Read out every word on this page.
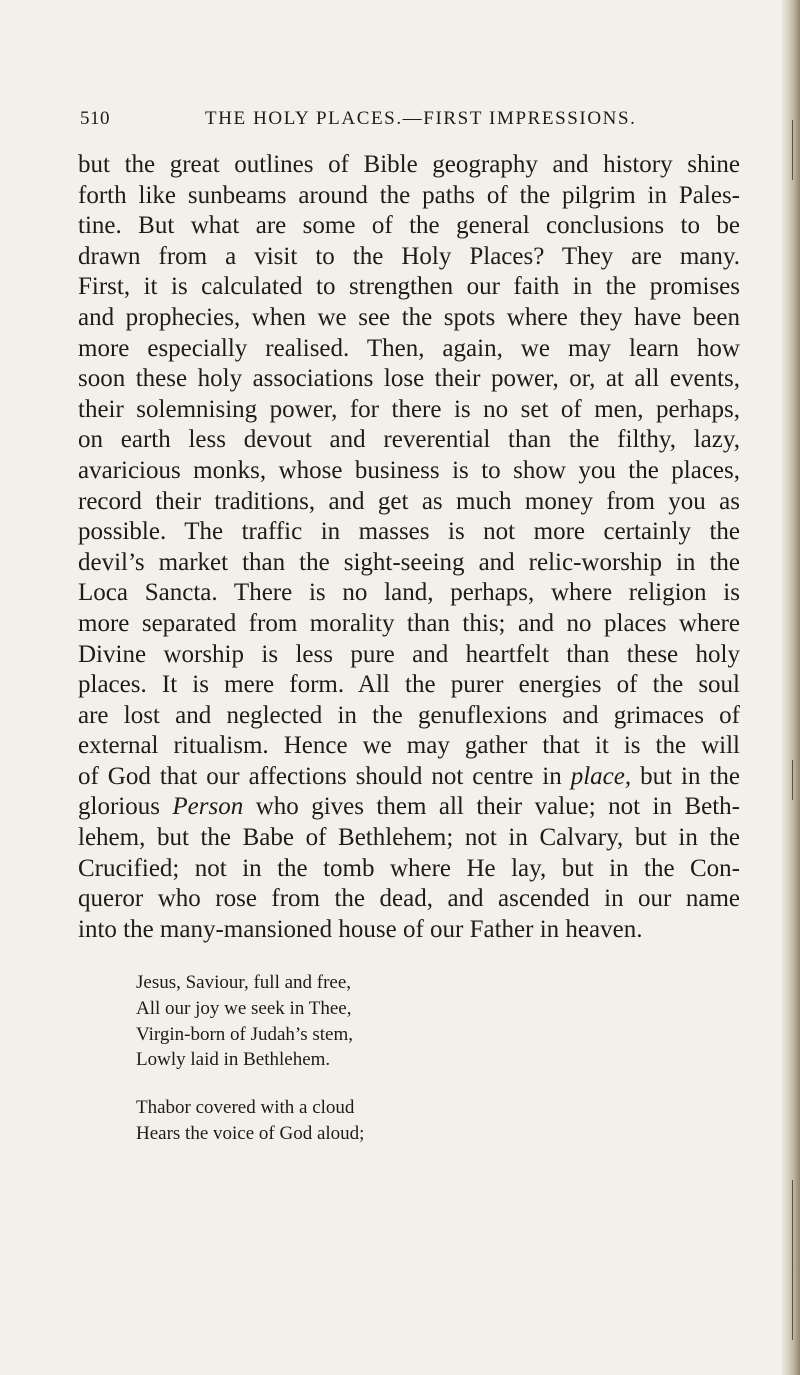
510	THE HOLY PLACES.—FIRST IMPRESSIONS.
but the great outlines of Bible geography and history shine
forth like sunbeams around the paths of the pilgrim in Pales-
tine. But what are some of the general conclusions to be
drawn from a visit to the Holy Places? They are many.
First, it is calculated to strengthen our faith in the promises
and prophecies, when we see the spots where they have been
more especially realised. Then, again, we may learn how
soon these holy associations lose their power, or, at all events,
their solemnising power, for there is no set of men, perhaps,
on earth less devout and reverential than the filthy, lazy,
avaricious monks, whose business is to show you the places,
record their traditions, and get as much money from you as
possible. The traffic in masses is not more certainly the
devil’s market than the sight-seeing and relic-worship in the
Loca Sancta. There is no land, perhaps, where religion is
more separated from morality than this; and no places where
Divine worship is less pure and heartfelt than these holy
places. It is mere form. All the purer energies of the soul
are lost and neglected in the genuflexions and grimaces of
external ritualism. Hence we may gather that it is the will
of God that our affections should not centre in place, but in the
glorious Person who gives them all their value; not in Beth-
lehem, but the Babe of Bethlehem; not in Calvary, but in the
Crucified; not in the tomb where He lay, but in the Con-
queror who rose from the dead, and ascended in our name
into the many-mansioned house of our Father in heaven.
Jesus, Saviour, full and free,
All our joy we seek in Thee,
Virgin-born of Judah’s stem,
Lowly laid in Bethlehem.
Thabor covered with a cloud
Hears the voice of God aloud;
